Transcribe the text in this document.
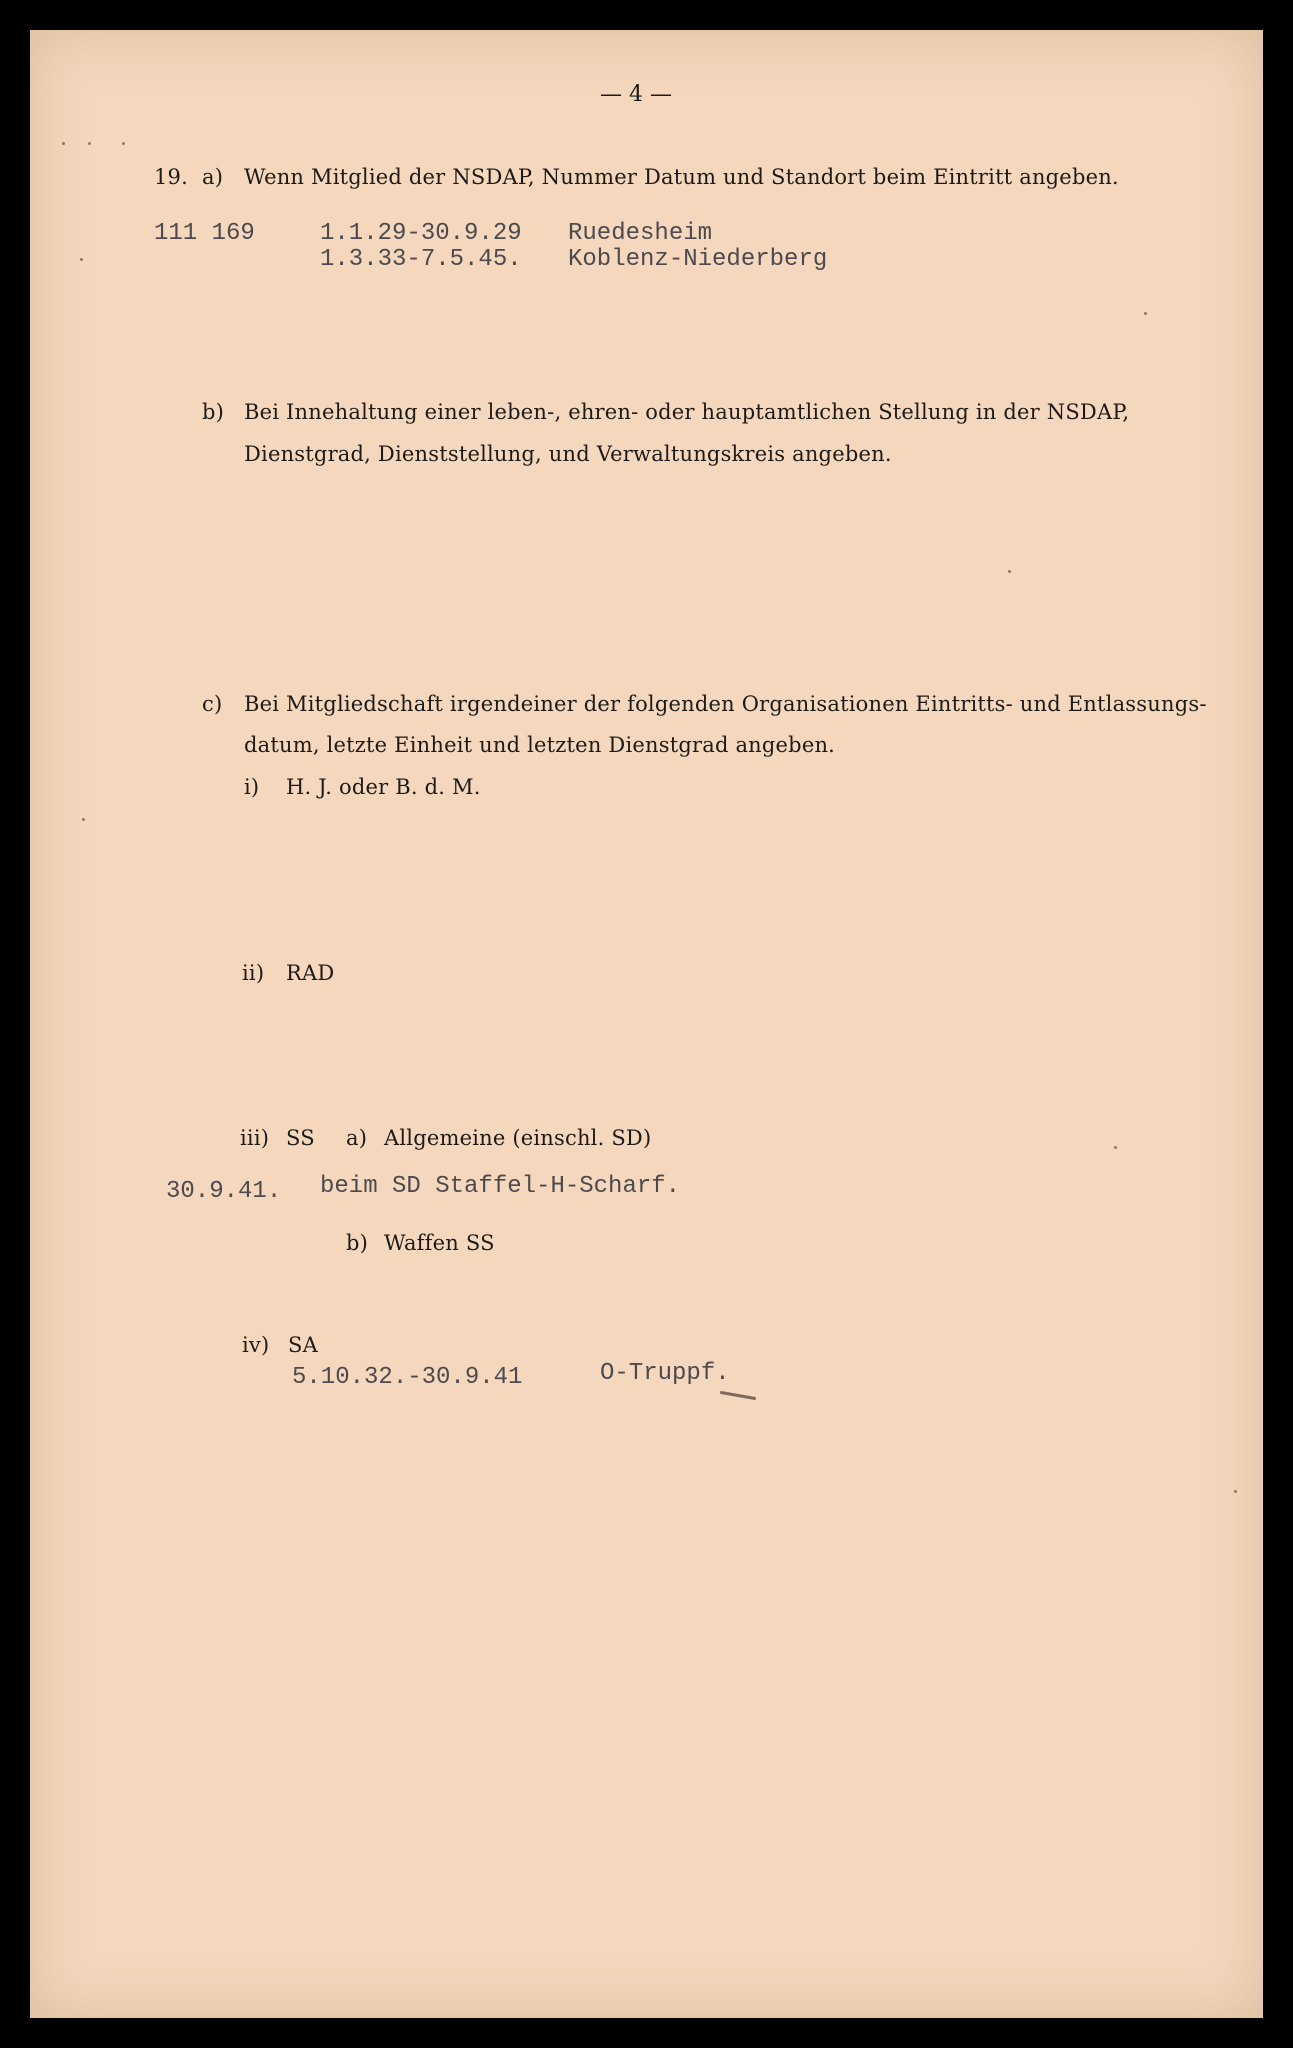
— 4 —
19. a) Wenn Mitglied der NSDAP, Nummer Datum und Standort beim Eintritt angeben.
111 169	1.1.29-30.9.29 Ruedesheim
1.3.33-7.5.45. Koblenz-Niederberg
b) Bei Innehaltung einer leben-, ehren- oder hauptamtlichen Stellung in der NSDAP,
Dienstgrad, Dienststellung, und Verwaltungskreis angeben.
c) Bei Mitgliedschaft irgendeiner der folgenden Organisationen Eintritts- und Entlassungs-
datum, letzte Einheit und letzten Dienstgrad angeben.
i) H. J. oder B. d. M.
ii) RAD
iii) SS a) Allgemeine (einschl. SD)
30.9.41. beim SD Staffel-H-Scharf.
b) Waffen SS
iv) SA
5.10.32.-30.9.41	O-Truppf.
